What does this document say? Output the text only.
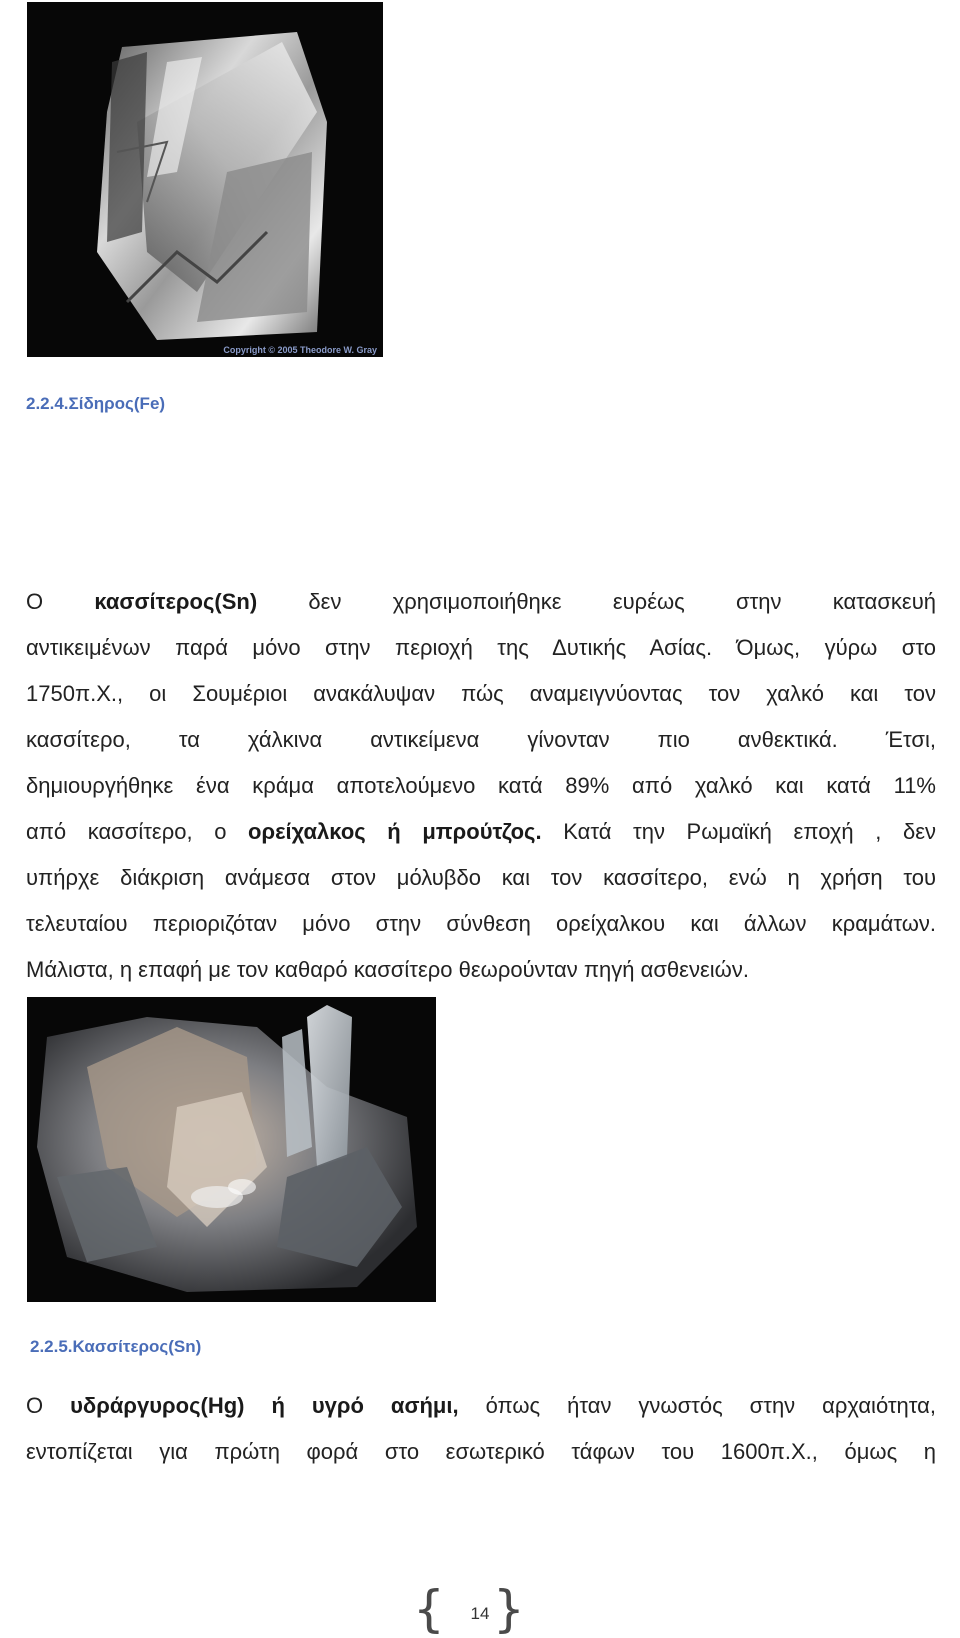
Copyright © 2005 Theodore W. Gray
2.2.4.Σίδηρος(Fe)
Ο κασσίτερος(Sn) δεν χρησιμοποιήθηκε ευρέως στην κατασκευή
αντικειμένων παρά μόνο στην περιοχή της Δυτικής Ασίας. Όμως, γύρω στο
1750π.Χ., οι Σουμέριοι ανακάλυψαν πώς αναμειγνύοντας τον χαλκό και τον
κασσίτερο, τα χάλκινα αντικείμενα γίνονταν πιο ανθεκτικά. Έτσι,
δημιουργήθηκε ένα κράμα αποτελούμενο κατά 89% από χαλκό και κατά 11%
από κασσίτερο, ο ορείχαλκος ή μπρούτζος. Κατά την Ρωμαϊκή εποχή , δεν
υπήρχε διάκριση ανάμεσα στον μόλυβδο και τον κασσίτερο, ενώ η χρήση του
τελευταίου περιοριζόταν μόνο στην σύνθεση ορείχαλκου και άλλων κραμάτων.
Μάλιστα, η επαφή με τον καθαρό κασσίτερο θεωρούνταν πηγή ασθενειών.
2.2.5.Κασσίτερος(Sn)
Ο υδράργυρος(Hg) ή υγρό ασήμι, όπως ήταν γνωστός στην αρχαιότητα,
εντοπίζεται για πρώτη φορά στο εσωτερικό τάφων του 1600π.Χ., όμως η
{	14 }
